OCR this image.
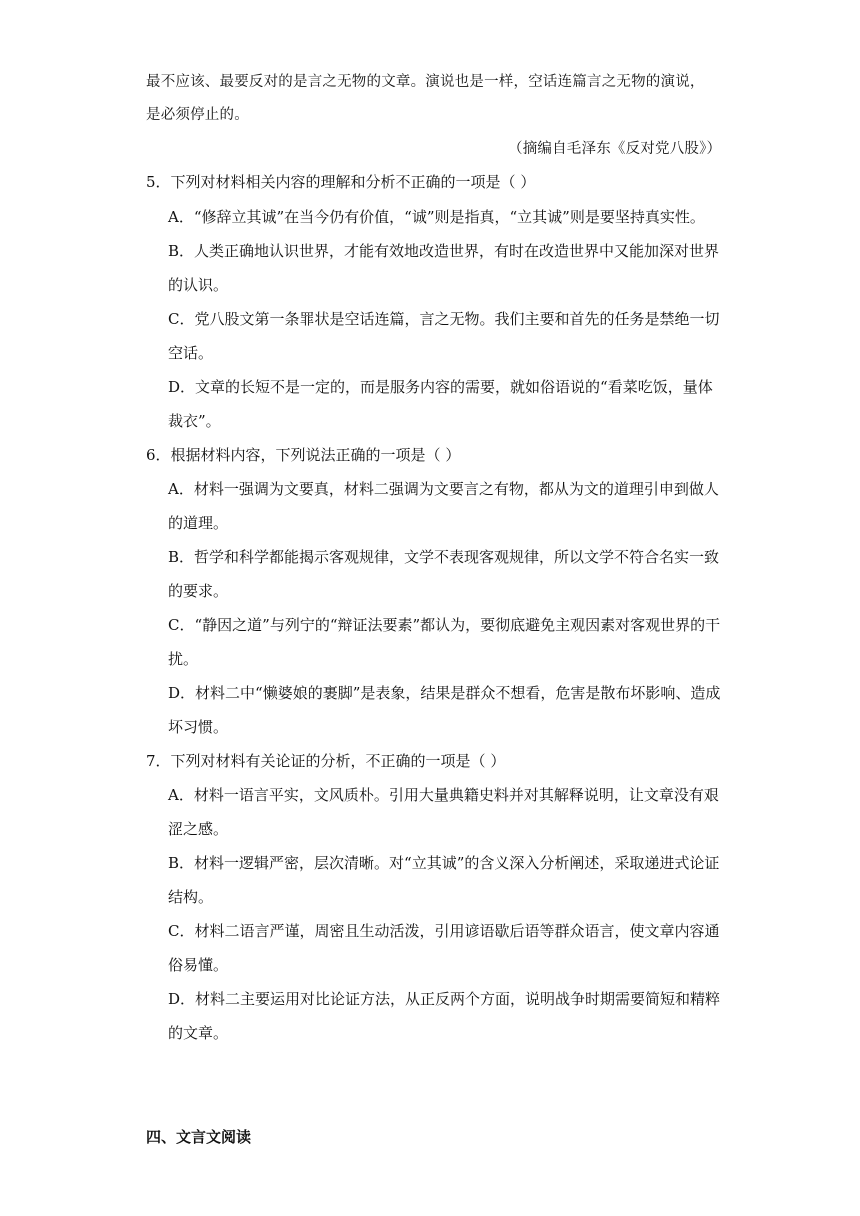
最不应该、最要反对的是言之无物的文章。演说也是一样，空话连篇言之无物的演说，
是必须停止的。
（摘编自毛泽东《反对党八股》）
5．下列对材料相关内容的理解和分析不正确的一项是（ ）
A．“修辞立其诚”在当今仍有价值，“诚”则是指真，“立其诚”则是要坚持真实性。
B．人类正确地认识世界，才能有效地改造世界，有时在改造世界中又能加深对世界
的认识。
C．党八股文第一条罪状是空话连篇，言之无物。我们主要和首先的任务是禁绝一切
空话。
D．文章的长短不是一定的，而是服务内容的需要，就如俗语说的“看菜吃饭，量体
裁衣”。
6．根据材料内容，下列说法正确的一项是（ ）
A．材料一强调为文要真，材料二强调为文要言之有物，都从为文的道理引申到做人
的道理。
B．哲学和科学都能揭示客观规律，文学不表现客观规律，所以文学不符合名实一致
的要求。
C．“静因之道”与列宁的“辩证法要素”都认为，要彻底避免主观因素对客观世界的干
扰。
D．材料二中“懒婆娘的裹脚”是表象，结果是群众不想看，危害是散布坏影响、造成
坏习惯。
7．下列对材料有关论证的分析，不正确的一项是（ ）
A．材料一语言平实，文风质朴。引用大量典籍史料并对其解释说明，让文章没有艰
涩之感。
B．材料一逻辑严密，层次清晰。对“立其诚”的含义深入分析阐述，采取递进式论证
结构。
C．材料二语言严谨，周密且生动活泼，引用谚语歇后语等群众语言，使文章内容通
俗易懂。
D．材料二主要运用对比论证方法，从正反两个方面，说明战争时期需要简短和精粹
的文章。
四、文言文阅读
